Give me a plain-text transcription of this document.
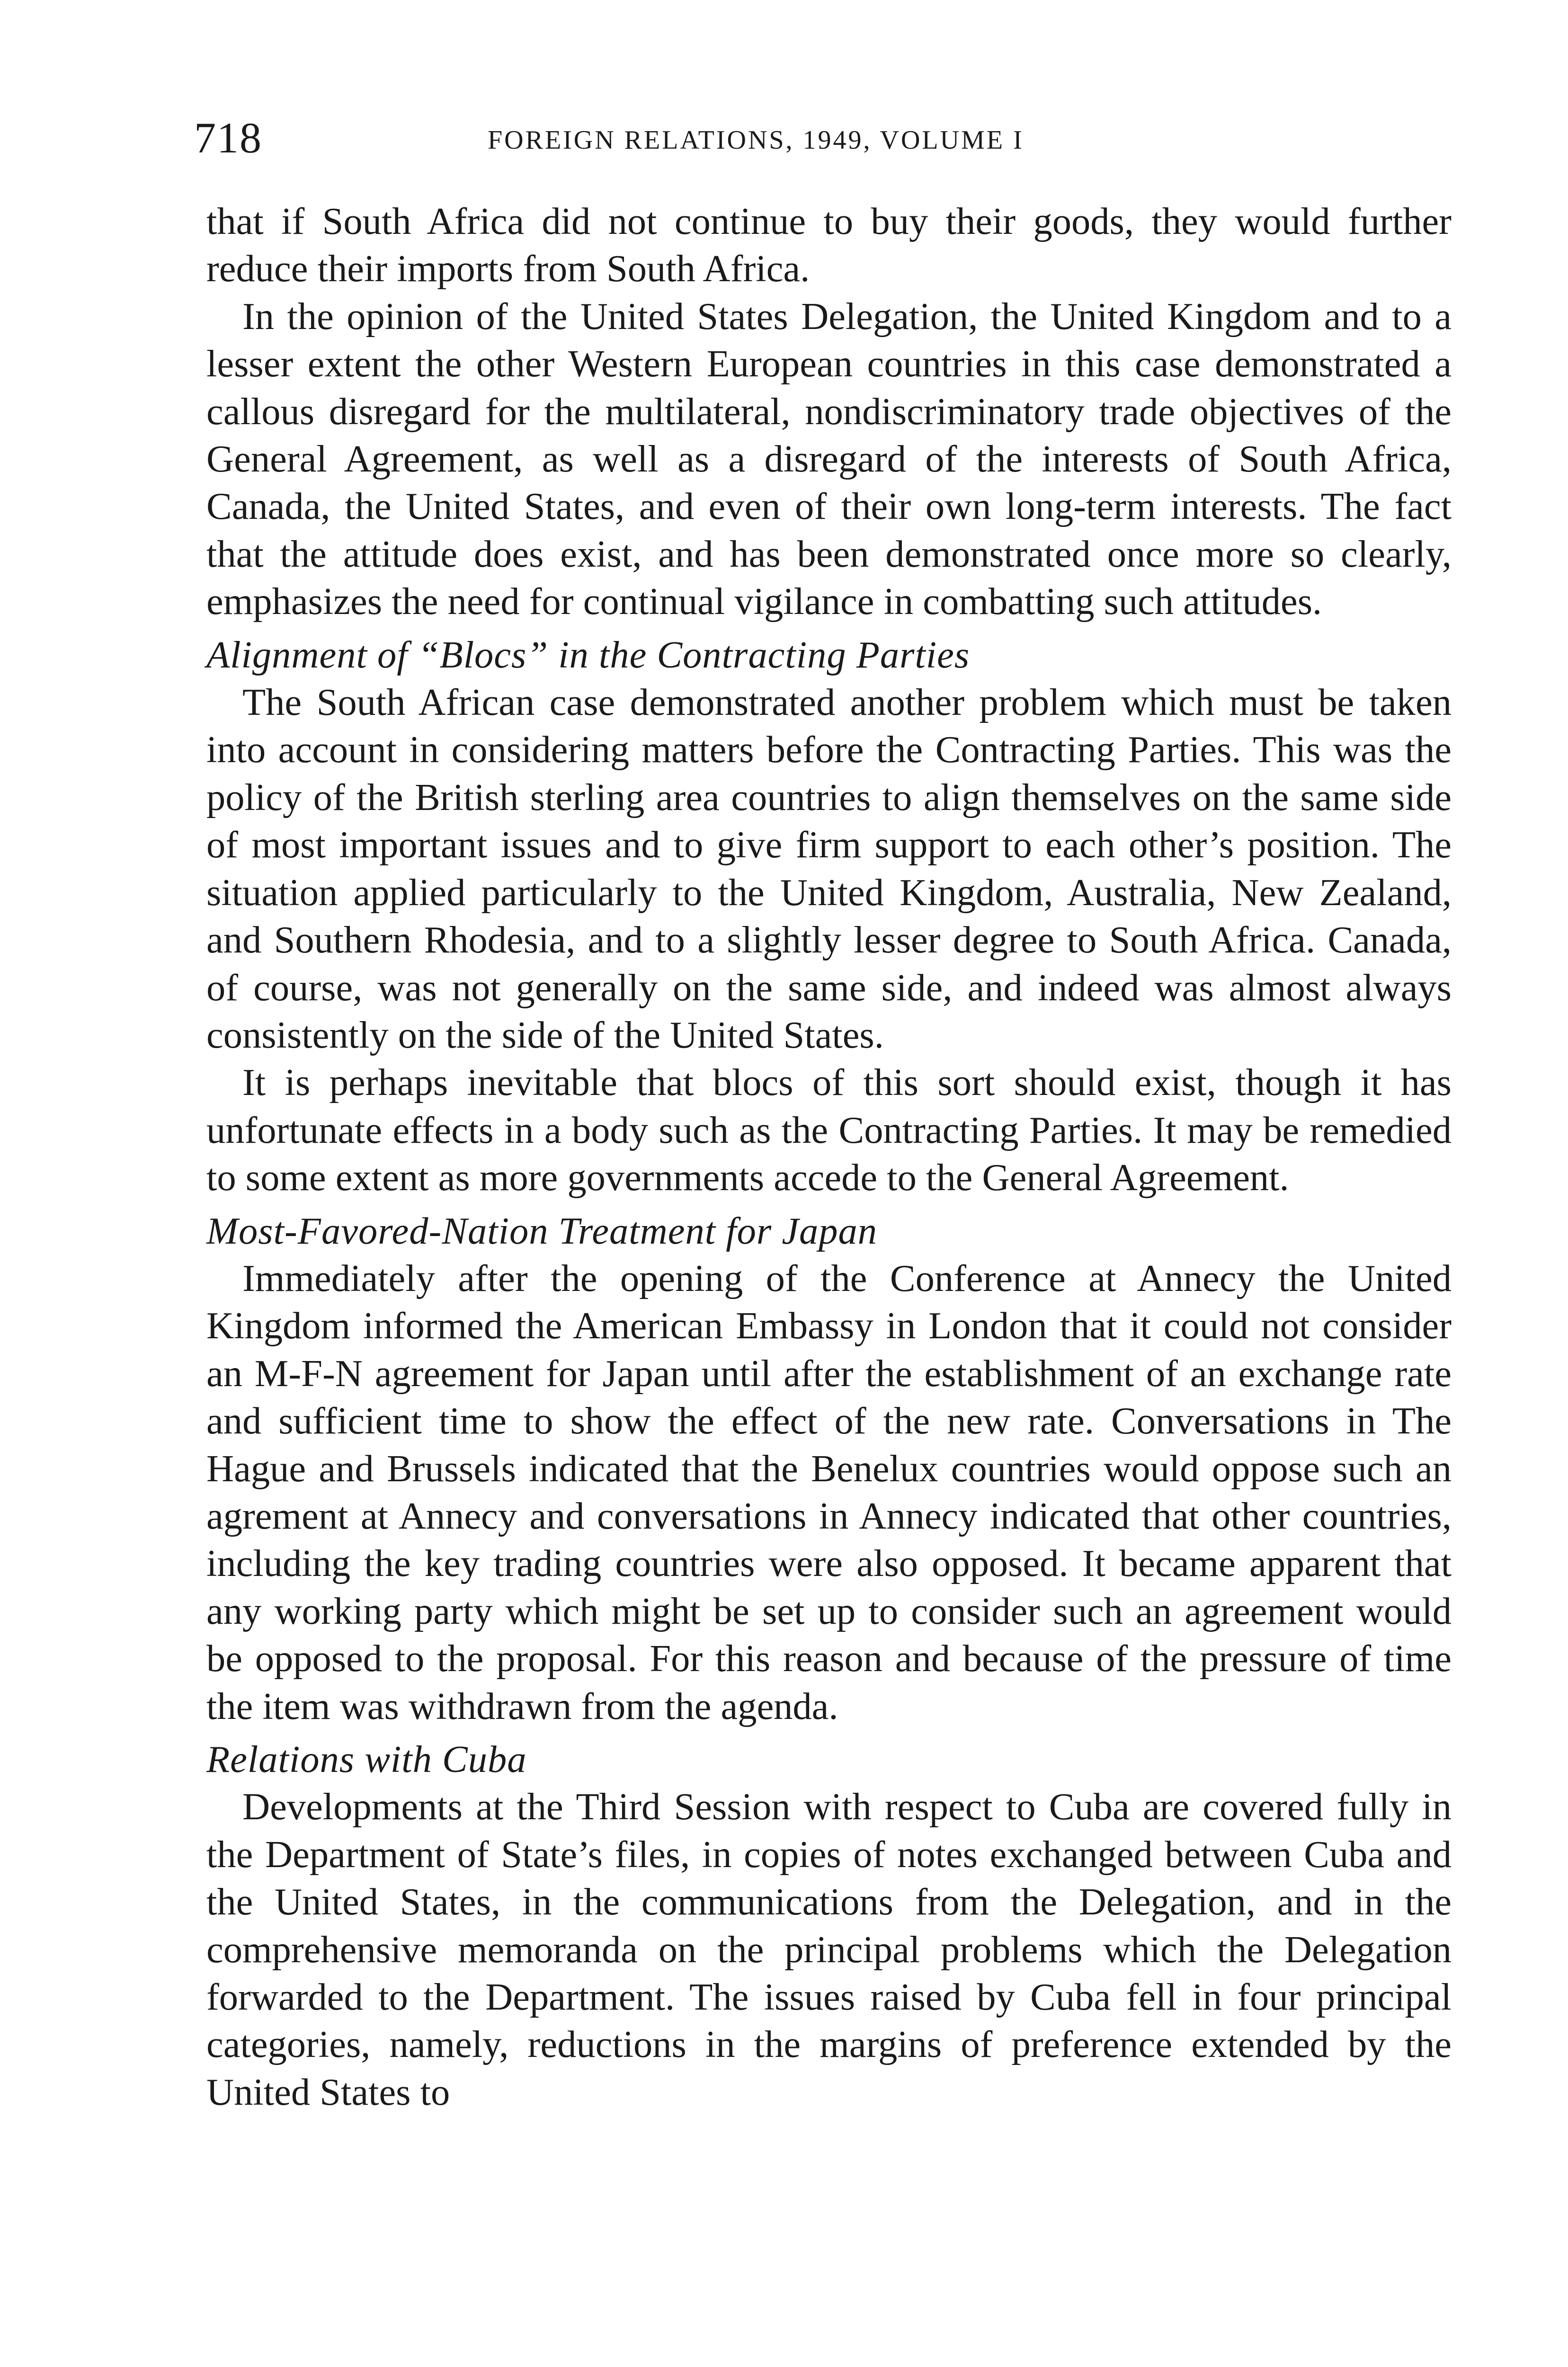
718	FOREIGN RELATIONS, 1949, VOLUME I

that if South Africa did not continue to buy their goods, they would further reduce their imports from South Africa.

In the opinion of the United States Delegation, the United Kingdom and to a lesser extent the other Western European countries in this case demonstrated a callous disregard for the multilateral, nondiscriminatory trade objectives of the General Agreement, as well as a disregard of the interests of South Africa, Canada, the United States, and even of their own long-term interests. The fact that the attitude does exist, and has been demonstrated once more so clearly, emphasizes the need for continual vigilance in combatting such attitudes.

Alignment of “Blocs” in the Contracting Parties

The South African case demonstrated another problem which must be taken into account in considering matters before the Contracting Parties. This was the policy of the British sterling area countries to align themselves on the same side of most important issues and to give firm support to each other’s position. The situation applied particularly to the United Kingdom, Australia, New Zealand, and Southern Rhodesia, and to a slightly lesser degree to South Africa. Canada, of course, was not generally on the same side, and indeed was almost always consistently on the side of the United States.

It is perhaps inevitable that blocs of this sort should exist, though it has unfortunate effects in a body such as the Contracting Parties. It may be remedied to some extent as more governments accede to the General Agreement.

Most-Favored-Nation Treatment for Japan

Immediately after the opening of the Conference at Annecy the United Kingdom informed the American Embassy in London that it could not consider an M-F-N agreement for Japan until after the establishment of an exchange rate and sufficient time to show the effect of the new rate. Conversations in The Hague and Brussels indicated that the Benelux countries would oppose such an agrement at Annecy and conversations in Annecy indicated that other countries, including the key trading countries were also opposed. It became apparent that any working party which might be set up to consider such an agreement would be opposed to the proposal. For this reason and because of the pressure of time the item was withdrawn from the agenda.

Relations with Cuba

Developments at the Third Session with respect to Cuba are covered fully in the Department of State’s files, in copies of notes exchanged between Cuba and the United States, in the communications from the Delegation, and in the comprehensive memoranda on the principal problems which the Delegation forwarded to the Department. The issues raised by Cuba fell in four principal categories, namely, reductions in the margins of preference extended by the United States to
